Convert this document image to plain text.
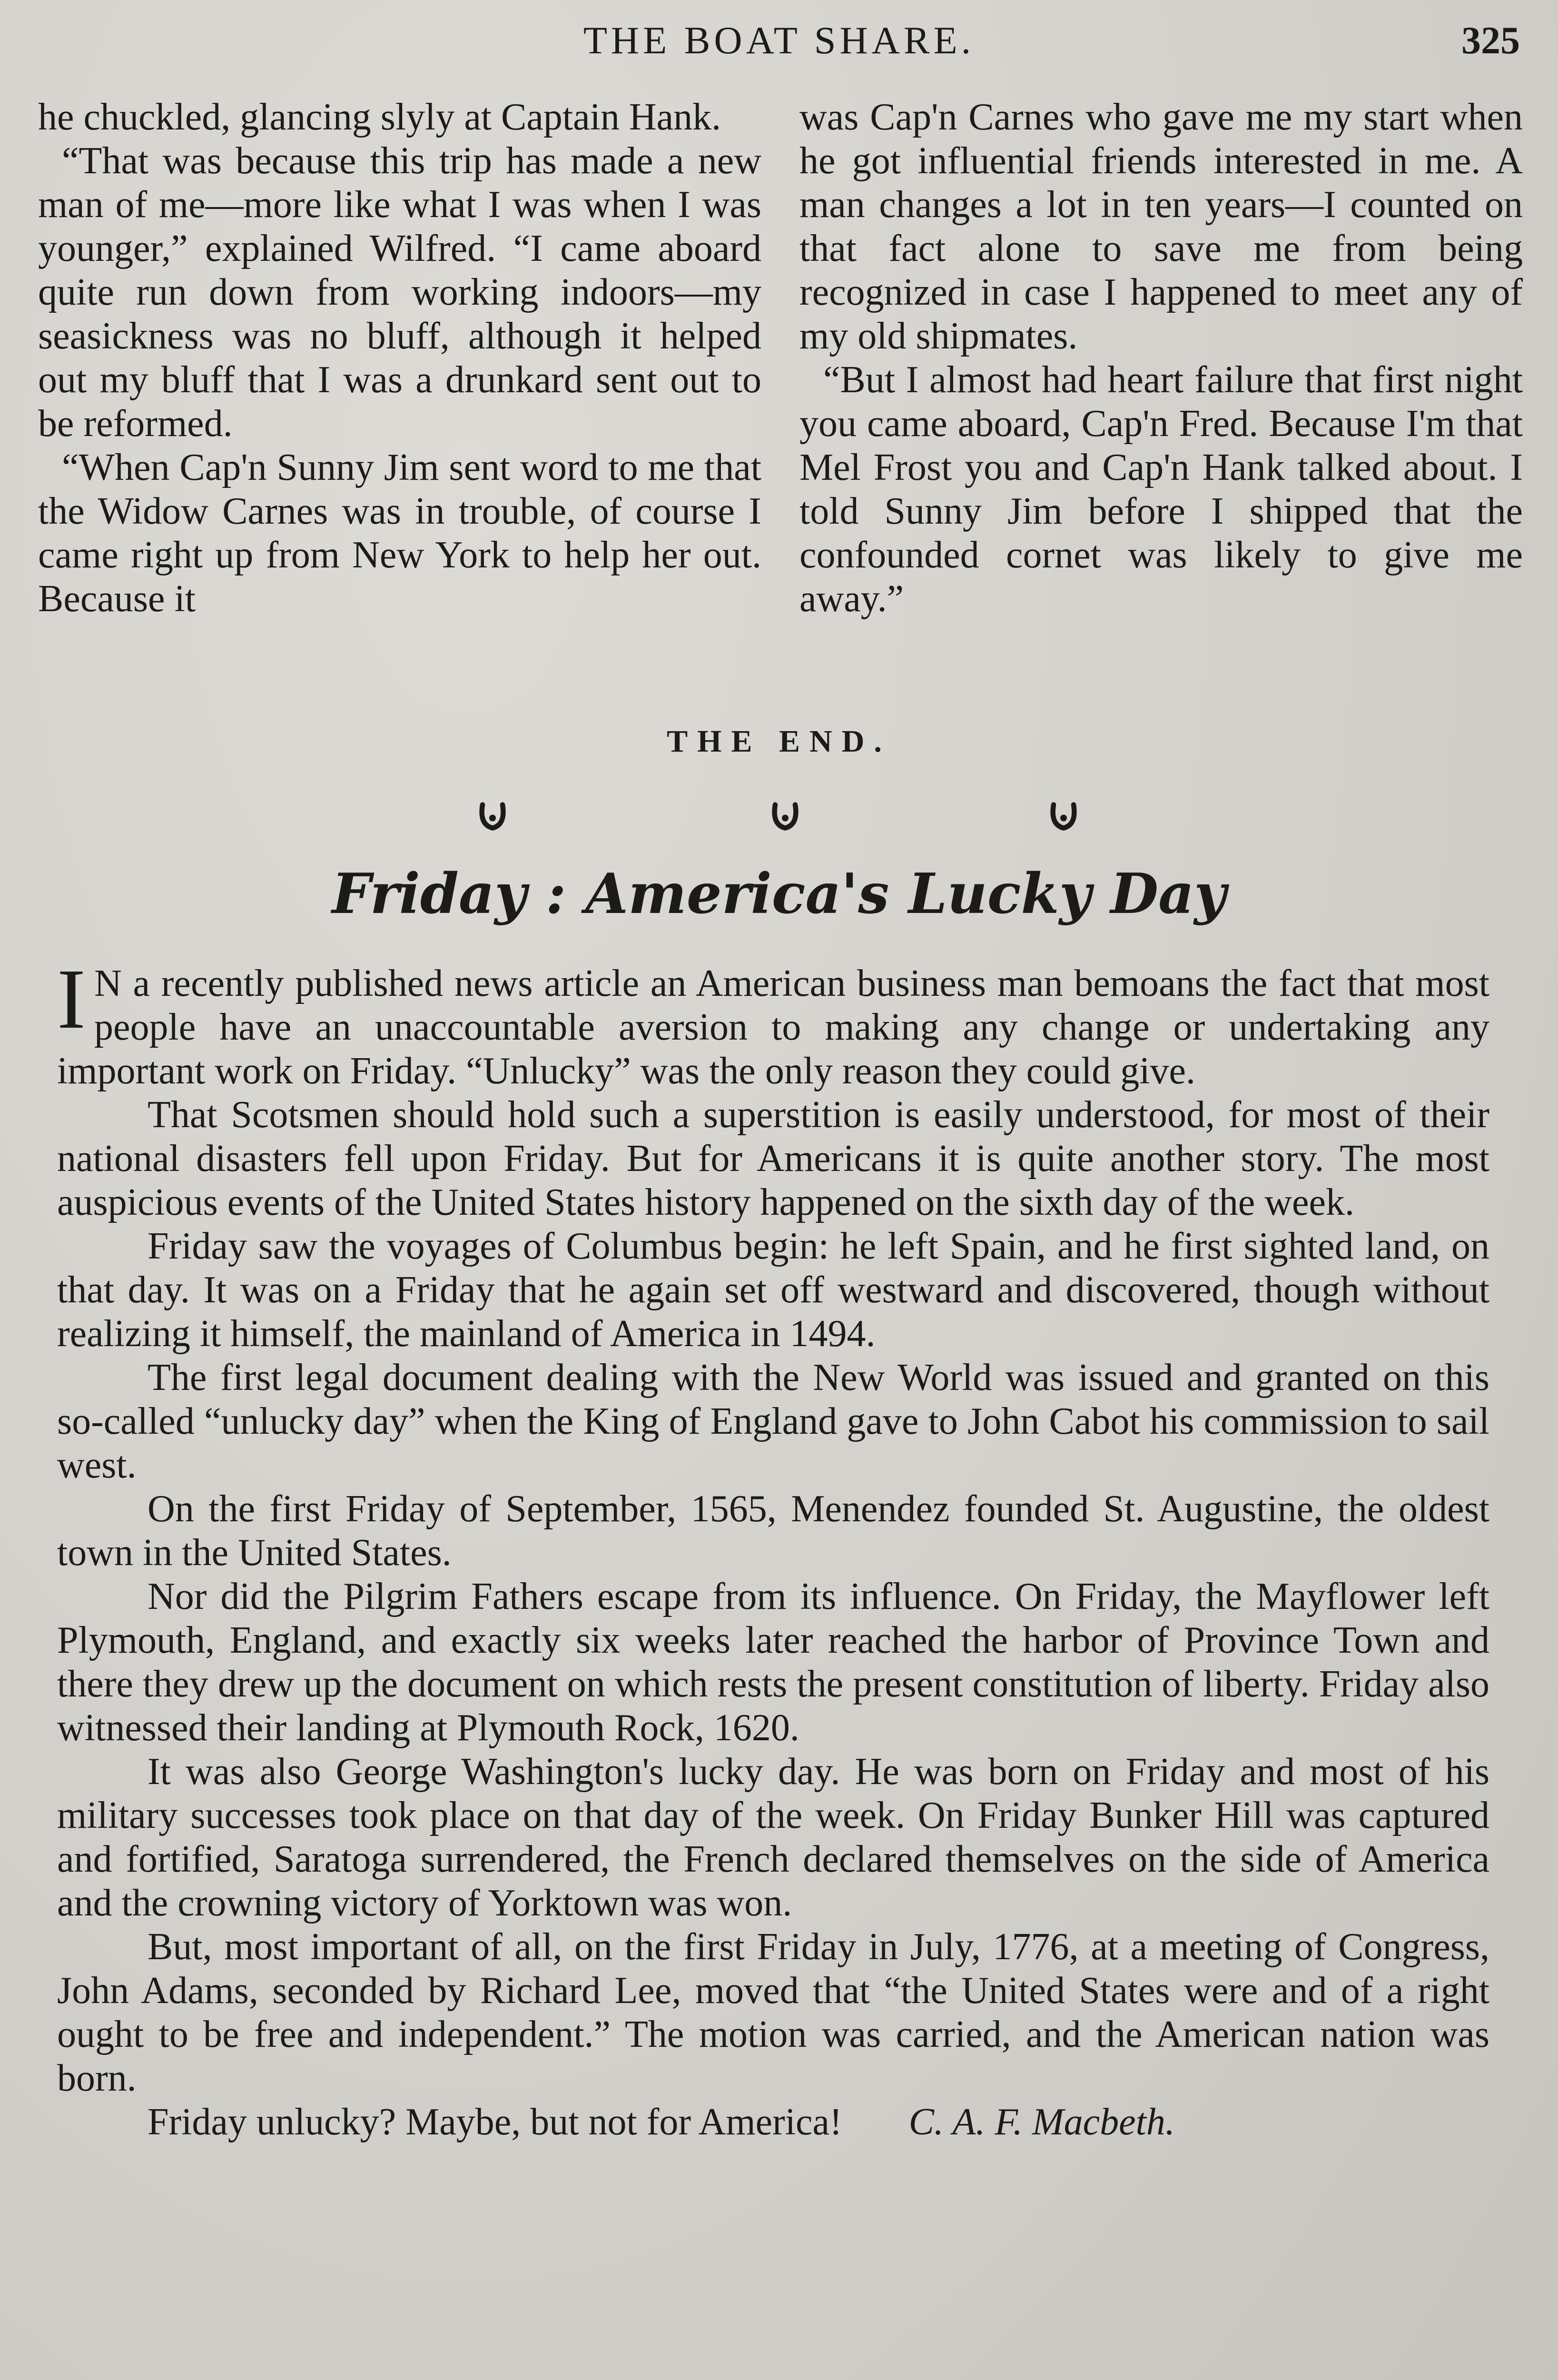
THE BOAT SHARE.	325

he chuckled, glancing slyly at Captain Hank.

“That was because this trip has made a new man of me—more like what I was when I was younger,” explained Wilfred. “I came aboard quite run down from working indoors—my seasickness was no bluff, although it helped out my bluff that I was a drunkard sent out to be reformed.

“When Cap'n Sunny Jim sent word to me that the Widow Carnes was in trouble, of course I came right up from New York to help her out. Because it

was Cap'n Carnes who gave me my start when he got influential friends interested in me. A man changes a lot in ten years—I counted on that fact alone to save me from being recognized in case I happened to meet any of my old shipmates.

“But I almost had heart failure that first night you came aboard, Cap'n Fred. Because I'm that Mel Frost you and Cap'n Hank talked about. I told Sunny Jim before I shipped that the confounded cornet was likely to give me away.”

THE END.
Friday : America's Lucky Day

I N a recently published news article an American business man bemoans the fact that most people have an unaccountable aversion to making any change or undertaking any important work on Friday. “Unlucky” was the only reason they could give.

That Scotsmen should hold such a superstition is easily understood, for most of their national disasters fell upon Friday. But for Americans it is quite another story. The most auspicious events of the United States history happened on the sixth day of the week.

Friday saw the voyages of Columbus begin: he left Spain, and he first sighted land, on that day. It was on a Friday that he again set off westward and discovered, though without realizing it himself, the mainland of America in 1494.

The first legal document dealing with the New World was issued and granted on this so-called “unlucky day” when the King of England gave to John Cabot his commission to sail west.

On the first Friday of September, 1565, Menendez founded St. Augustine, the oldest town in the United States.

Nor did the Pilgrim Fathers escape from its influence. On Friday, the Mayflower left Plymouth, England, and exactly six weeks later reached the harbor of Province Town and there they drew up the document on which rests the present constitution of liberty. Friday also witnessed their landing at Plymouth Rock, 1620.

It was also George Washington's lucky day. He was born on Friday and most of his military successes took place on that day of the week. On Friday Bunker Hill was captured and fortified, Saratoga surrendered, the French declared themselves on the side of America and the crowning victory of Yorktown was won.

But, most important of all, on the first Friday in July, 1776, at a meeting of Congress, John Adams, seconded by Richard Lee, moved that “the United States were and of a right ought to be free and independent.” The motion was carried, and the American nation was born.

Friday unlucky? Maybe, but not for America! C. A. F. Macbeth.
